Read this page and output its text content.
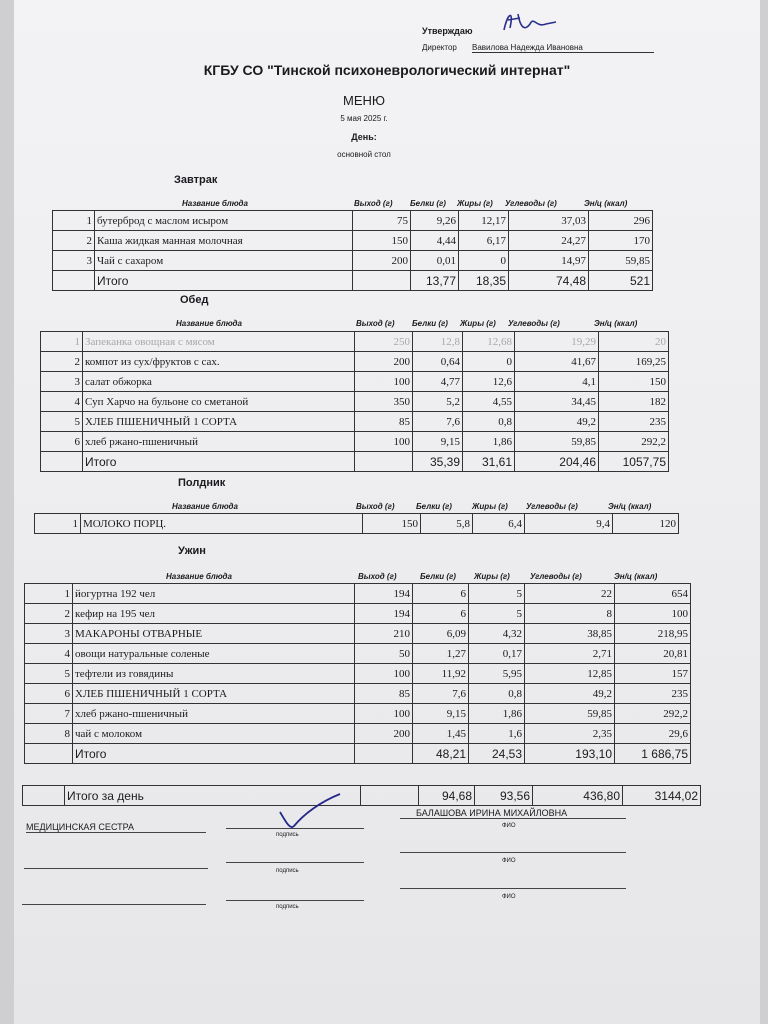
Утверждаю
Директор Вавилова Надежда Ивановна
КГБУ СО "Тинской психоневрологический интернат"
МЕНЮ
5 мая 2025 г.
День:
основной стол
Завтрак
Название блюда	Выход (г) Белки (г) Жиры (г) Углеводы (г)	Эн/ц (ккал)
1	бутерброд с маслом исыром	75	9,26	12,17	37,03	296
2	Каша жидкая манная молочная	150	4,44	6,17	24,27	170
3	Чай с сахаром	200	0,01	0	14,97	59,85
	Итого		13,77	18,35	74,48	521
Обед
Название блюда	Выход (г) Белки (г) Жиры (г) Углеводы (г)	Эн/ц (ккал)
1	Запеканка овощная с мясом	250	12,8	12,68	19,29	20
2	компот из сух/фруктов с сах.	200	0,64	0	41,67	169,25
3	салат обжорка	100	4,77	12,6	4,1	150
4	Суп Харчо на бульоне со сметаной	350	5,2	4,55	34,45	182
5	ХЛЕБ ПШЕНИЧНЫЙ 1 СОРТА	85	7,6	0,8	49,2	235
6	хлеб ржано-пшеничный	100	9,15	1,86	59,85	292,2
	Итого		35,39	31,61	204,46	1057,75
Полдник
Название блюда	Выход (г)	Белки (г)	Жиры (г) Углеводы (г)	Эн/ц (ккал)
1	МОЛОКО ПОРЦ.	150	5,8	6,4	9,4	120
Ужин
Название блюда	Выход (г)	Белки (г) Жиры (г)	Углеводы (г)	Эн/ц (ккал)
1	йогуртна 192 чел	194	6	5	22	654
2	кефир на 195 чел	194	6	5	8	100
3	МАКАРОНЫ ОТВАРНЫЕ	210	6,09	4,32	38,85	218,95
4	овощи натуральные соленые	50	1,27	0,17	2,71	20,81
5	тефтели из говядины	100	11,92	5,95	12,85	157
6	ХЛЕБ ПШЕНИЧНЫЙ 1 СОРТА	85	7,6	0,8	49,2	235
7	хлеб ржано-пшеничный	100	9,15	1,86	59,85	292,2
8	чай с молоком	200	1,45	1,6	2,35	29,6
	Итого		48,21	24,53	193,10	1 686,75
	Итого за день		94,68	93,56	436,80	3144,02
МЕДИЦИНСКАЯ СЕСТРА
подпись
БАЛАШОВА ИРИНА МИХАЙЛОВНА
ФИО
подпись
ФИО
подпись
ФИО
